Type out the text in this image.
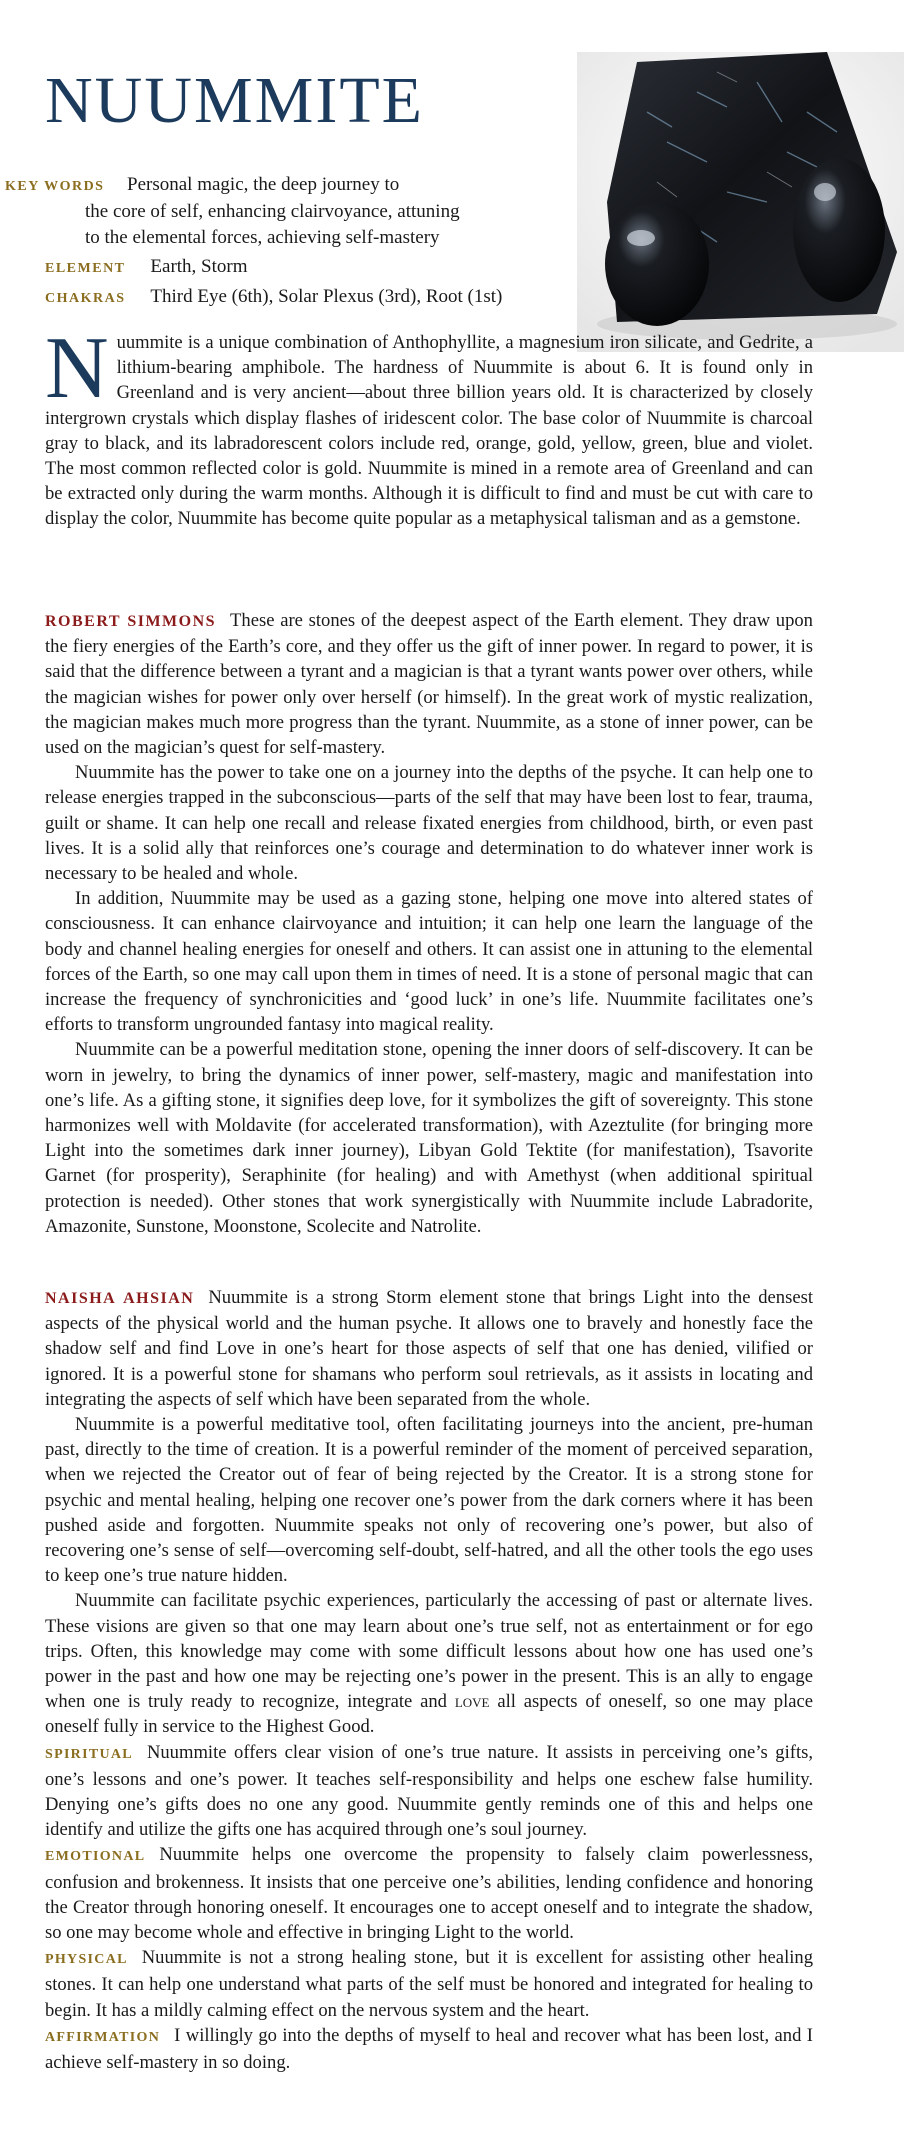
NUUMMITE
KEY WORDS Personal magic, the deep journey to
the core of self, enhancing clairvoyance, attuning
to the elemental forces, achieving self-mastery
ELEMENT Earth, Storm
CHAKRAS Third Eye (6th), Solar Plexus (3rd), Root (1st)
Nuummite is a unique combination of Anthophyllite, a magnesium iron silicate, and Gedrite, a lithium-bearing amphibole. The hardness of Nuummite is about 6. It is found only in Greenland and is very ancient—about three billion years old. It is characterized by closely intergrown crystals which display flashes of iridescent color. The base color of Nuummite is charcoal gray to black, and its labradorescent colors include red, orange, gold, yellow, green, blue and violet. The most common reflected color is gold. Nuummite is mined in a remote area of Greenland and can be extracted only during the warm months. Although it is difficult to find and must be cut with care to display the color, Nuummite has become quite popular as a metaphysical talisman and as a gemstone.

ROBERT SIMMONS These are stones of the deepest aspect of the Earth element. They draw upon the fiery energies of the Earth’s core, and they offer us the gift of inner power. In regard to power, it is said that the difference between a tyrant and a magician is that a tyrant wants power over others, while the magician wishes for power only over herself (or himself). In the great work of mystic realization, the magician makes much more progress than the tyrant. Nuummite, as a stone of inner power, can be used on the magician’s quest for self-mastery.

Nuummite has the power to take one on a journey into the depths of the psyche. It can help one to release energies trapped in the subconscious—parts of the self that may have been lost to fear, trauma, guilt or shame. It can help one recall and release fixated energies from childhood, birth, or even past lives. It is a solid ally that reinforces one’s courage and determination to do whatever inner work is necessary to be healed and whole.

In addition, Nuummite may be used as a gazing stone, helping one move into altered states of consciousness. It can enhance clairvoyance and intuition; it can help one learn the language of the body and channel healing energies for oneself and others. It can assist one in attuning to the elemental forces of the Earth, so one may call upon them in times of need. It is a stone of personal magic that can increase the frequency of synchronicities and ‘good luck’ in one’s life. Nuummite facilitates one’s efforts to transform ungrounded fantasy into magical reality.

Nuummite can be a powerful meditation stone, opening the inner doors of self-discovery. It can be worn in jewelry, to bring the dynamics of inner power, self-mastery, magic and manifestation into one’s life. As a gifting stone, it signifies deep love, for it symbolizes the gift of sovereignty. This stone harmonizes well with Moldavite (for accelerated transformation), with Azeztulite (for bringing more Light into the sometimes dark inner journey), Libyan Gold Tektite (for manifestation), Tsavorite Garnet (for prosperity), Seraphinite (for healing) and with Amethyst (when additional spiritual protection is needed). Other stones that work synergistically with Nuummite include Labradorite, Amazonite, Sunstone, Moonstone, Scolecite and Natrolite.

NAISHA AHSIAN Nuummite is a strong Storm element stone that brings Light into the densest aspects of the physical world and the human psyche. It allows one to bravely and honestly face the shadow self and find Love in one’s heart for those aspects of self that one has denied, vilified or ignored. It is a powerful stone for shamans who perform soul retrievals, as it assists in locating and integrating the aspects of self which have been separated from the whole.

Nuummite is a powerful meditative tool, often facilitating journeys into the ancient, pre-human past, directly to the time of creation. It is a powerful reminder of the moment of perceived separation, when we rejected the Creator out of fear of being rejected by the Creator. It is a strong stone for psychic and mental healing, helping one recover one’s power from the dark corners where it has been pushed aside and forgotten. Nuummite speaks not only of recovering one’s power, but also of recovering one’s sense of self—overcoming self-doubt, self-hatred, and all the other tools the ego uses to keep one’s true nature hidden.

Nuummite can facilitate psychic experiences, particularly the accessing of past or alternate lives. These visions are given so that one may learn about one’s true self, not as entertainment or for ego trips. Often, this knowledge may come with some difficult lessons about how one has used one’s power in the past and how one may be rejecting one’s power in the present. This is an ally to engage when one is truly ready to recognize, integrate and love all aspects of oneself, so one may place oneself fully in service to the Highest Good.

SPIRITUAL Nuummite offers clear vision of one’s true nature. It assists in perceiving one’s gifts, one’s lessons and one’s power. It teaches self-responsibility and helps one eschew false humility. Denying one’s gifts does no one any good. Nuummite gently reminds one of this and helps one identify and utilize the gifts one has acquired through one’s soul journey.

EMOTIONAL Nuummite helps one overcome the propensity to falsely claim powerlessness, confusion and brokenness. It insists that one perceive one’s abilities, lending confidence and honoring the Creator through honoring oneself. It encourages one to accept oneself and to integrate the shadow, so one may become whole and effective in bringing Light to the world.

PHYSICAL Nuummite is not a strong healing stone, but it is excellent for assisting other healing stones. It can help one understand what parts of the self must be honored and integrated for healing to begin. It has a mildly calming effect on the nervous system and the heart.

AFFIRMATION I willingly go into the depths of myself to heal and recover what has been lost, and I achieve self-mastery in so doing.
